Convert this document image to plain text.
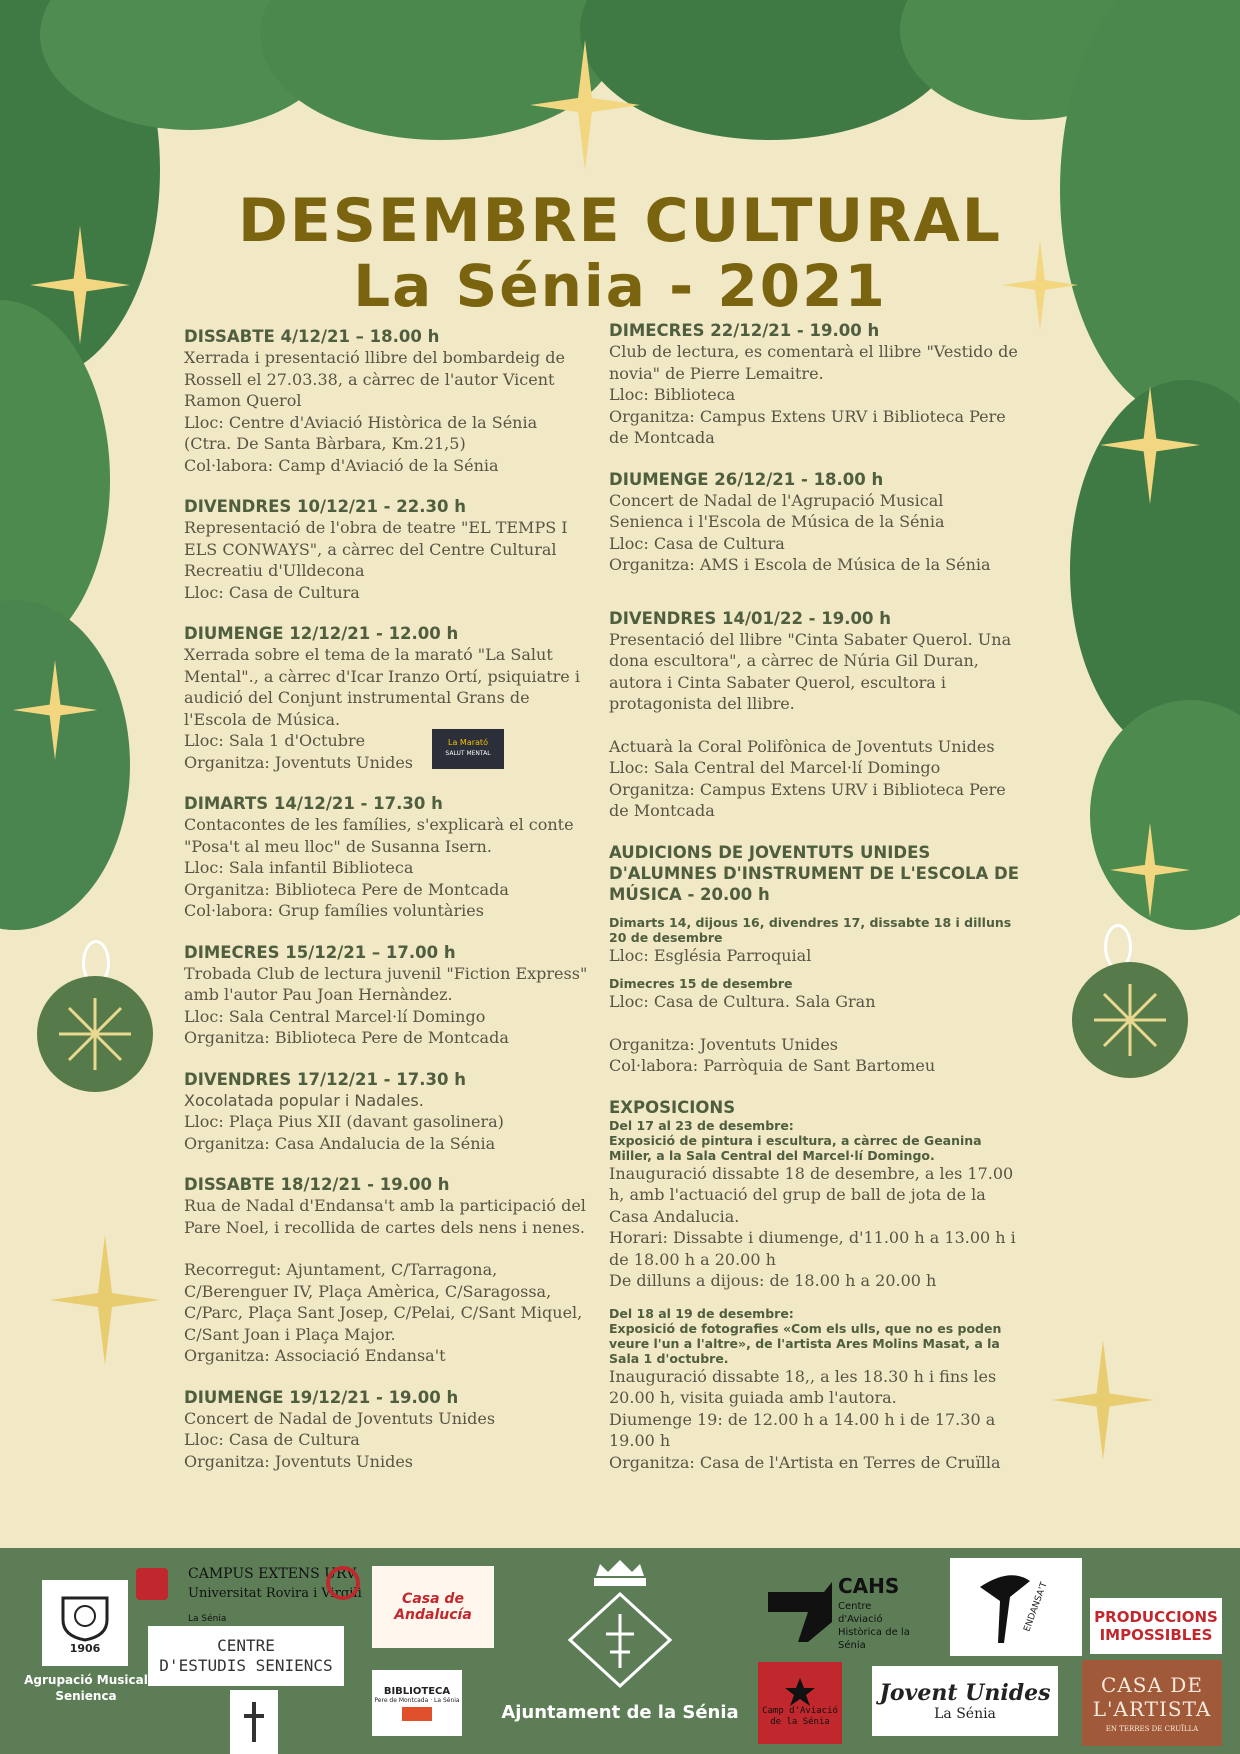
DESEMBRE CULTURAL
La Sénia - 2021
DISSABTE 4/12/21 – 18.00 h
Xerrada i presentació llibre del bombardeig de Rossell el 27.03.38, a càrrec de l'autor Vicent Ramon Querol
Lloc: Centre d'Aviació Històrica de la Sénia (Ctra. De Santa Bàrbara, Km.21,5)
Col·labora: Camp d'Aviació de la Sénia
DIVENDRES 10/12/21 - 22.30 h
Representació de l'obra de teatre "EL TEMPS I ELS CONWAYS", a càrrec del Centre Cultural Recreatiu d'Ulldecona
Lloc: Casa de Cultura
DIUMENGE 12/12/21 - 12.00 h
Xerrada sobre el tema de la marató "La Salut Mental"., a càrrec d'Icar Iranzo Ortí, psiquiatre i audició del Conjunt instrumental Grans de l'Escola de Música.
Lloc: Sala 1 d'Octubre
Organitza: Joventuts Unides
La Marató
SALUT MENTAL
DIMARTS 14/12/21 - 17.30 h
Contacontes de les famílies, s'explicarà el conte "Posa't al meu lloc" de Susanna Isern.
Lloc: Sala infantil Biblioteca
Organitza: Biblioteca Pere de Montcada
Col·labora: Grup famílies voluntàries
DIMECRES 15/12/21 – 17.00 h
Trobada Club de lectura juvenil "Fiction Express" amb l'autor Pau Joan Hernàndez.
Lloc: Sala Central Marcel·lí Domingo
Organitza: Biblioteca Pere de Montcada
DIVENDRES 17/12/21 - 17.30 h
Xocolatada popular i Nadales.
Lloc: Plaça Pius XII (davant gasolinera)
Organitza: Casa Andalucia de la Sénia
DISSABTE 18/12/21 - 19.00 h
Rua de Nadal d'Endansa't amb la participació del Pare Noel, i recollida de cartes dels nens i nenes.
Recorregut: Ajuntament, C/Tarragona, C/Berenguer IV, Plaça Amèrica, C/Saragossa, C/Parc, Plaça Sant Josep, C/Pelai, C/Sant Miquel, C/Sant Joan i Plaça Major.
Organitza: Associació Endansa't
DIUMENGE 19/12/21 - 19.00 h
Concert de Nadal de Joventuts Unides
Lloc: Casa de Cultura
Organitza: Joventuts Unides
DIMECRES 22/12/21 - 19.00 h
Club de lectura, es comentarà el llibre "Vestido de novia" de Pierre Lemaitre.
Lloc: Biblioteca
Organitza: Campus Extens URV i Biblioteca Pere de Montcada
DIUMENGE 26/12/21 - 18.00 h
Concert de Nadal de l'Agrupació Musical Senienca i l'Escola de Música de la Sénia
Lloc: Casa de Cultura
Organitza: AMS i Escola de Música de la Sénia
DIVENDRES 14/01/22 - 19.00 h
Presentació del llibre "Cinta Sabater Querol. Una dona escultora", a càrrec de Núria Gil Duran, autora i Cinta Sabater Querol, escultora i protagonista del llibre.
Actuarà la Coral Polifònica de Joventuts Unides
Lloc: Sala Central del Marcel·lí Domingo
Organitza: Campus Extens URV i Biblioteca Pere de Montcada
AUDICIONS DE JOVENTUTS UNIDES D'ALUMNES D'INSTRUMENT DE L'ESCOLA DE MÚSICA - 20.00 h
Dimarts 14, dijous 16, divendres 17, dissabte 18 i dilluns 20 de desembre
Lloc: Església Parroquial
Dimecres 15 de desembre
Lloc: Casa de Cultura. Sala Gran
Organitza: Joventuts Unides
Col·labora: Parròquia de Sant Bartomeu
EXPOSICIONS
Del 17 al 23 de desembre:
Exposició de pintura i escultura, a càrrec de Geanina Miller, a la Sala Central del Marcel·lí Domingo.
Inauguració dissabte 18 de desembre, a les 17.00 h, amb l'actuació del grup de ball de jota de la Casa Andalucia.
Horari: Dissabte i diumenge, d'11.00 h a 13.00 h i de 18.00 h a 20.00 h
De dilluns a dijous: de 18.00 h a 20.00 h
Del 18 al 19 de desembre:
Exposició de fotografies «Com els ulls, que no es poden veure l'un a l'altre», de l'artista Ares Molins Masat, a la Sala 1 d'octubre.
Inauguració dissabte 18,, a les 18.30 h i fins les 20.00 h, visita guiada amb l'autora.
Diumenge 19: de 12.00 h a 14.00 h i de 17.30 a 19.00 h
Organitza: Casa de l'Artista en Terres de Cruïlla
1906
Agrupació Musical Senienca
CAMPUS EXTENS URV
Universitat Rovira i Virgili
La Sénia
CENTRE
D'ESTUDIS SENIENCS
Casa de Andalucía
BIBLIOTECA
Pere de Montcada · La Sénia
Ajuntament de la Sénia
CAHS
Centre d'Aviació Històrica de la Sénia
Camp d'Aviació de la Sénia
ENDANSA'T
Jovent Unides
La Sénia
PRODUCCIONS
IMPOSSIBLES
CASA DE
L'ARTISTA
EN TERRES DE CRUÏLLA
